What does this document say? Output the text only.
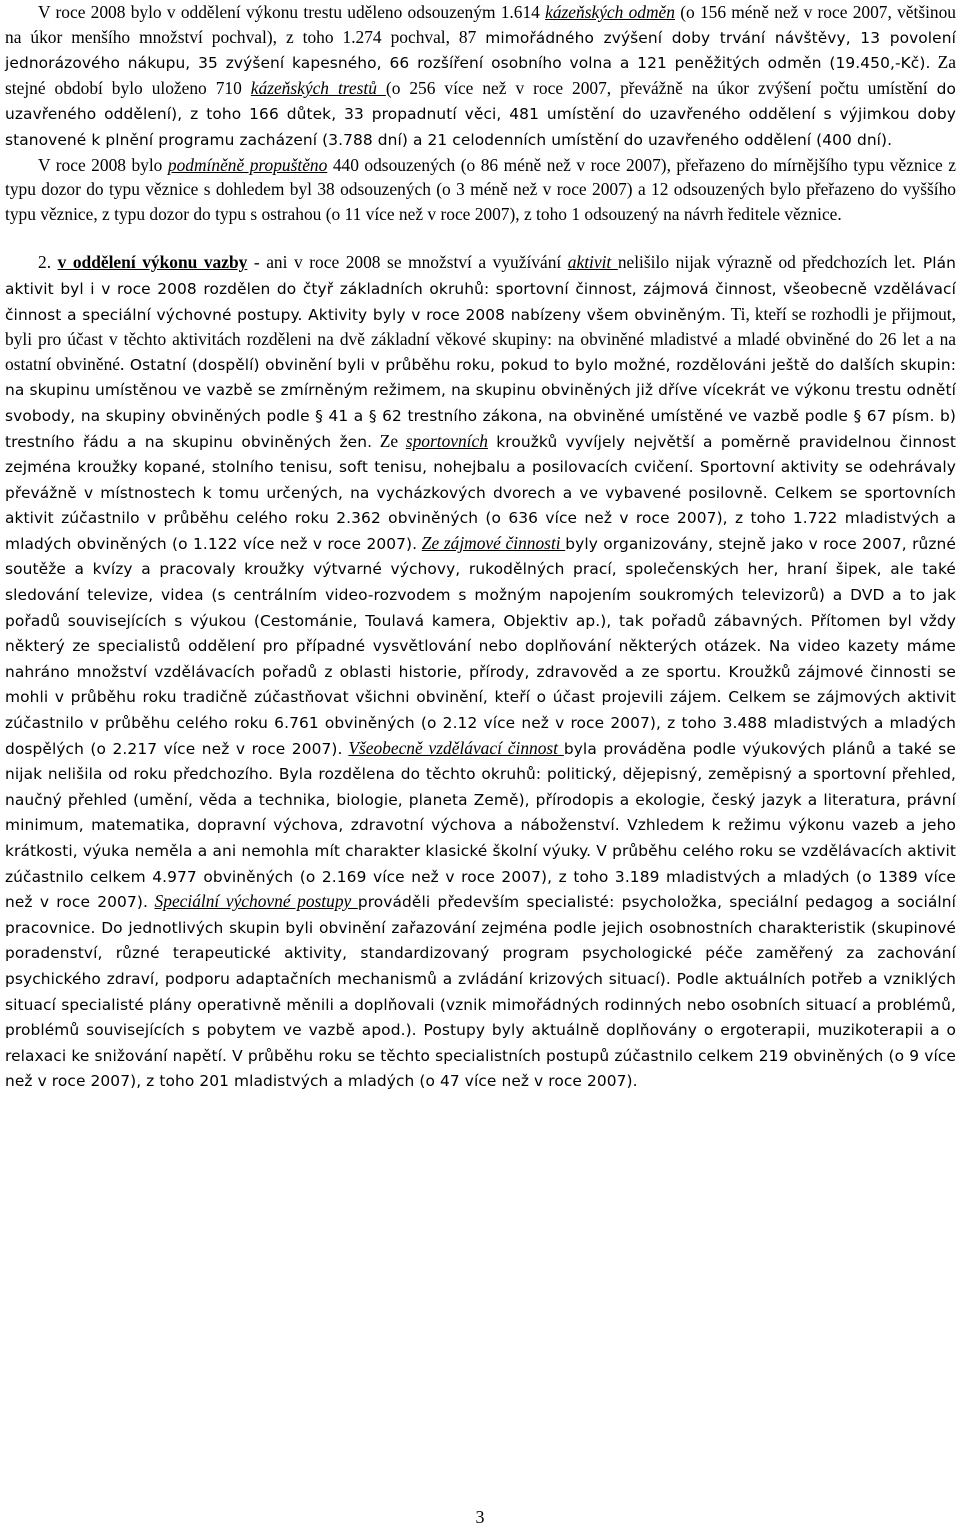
V roce 2008 bylo v oddělení výkonu trestu uděleno odsouzeným 1.614 kázeňských odměn (o 156 méně než v roce 2007, většinou na úkor menšího množství pochval), z toho 1.274 pochval, 87 mimořádného zvýšení doby trvání návštěvy, 13 povolení jednorázového nákupu, 35 zvýšení kapesného, 66 rozšíření osobního volna a 121 peněžitých odměn (19.450,-Kč). Za stejné období bylo uloženo 710 kázeňských trestů (o 256 více než v roce 2007, převážně na úkor zvýšení počtu umístění do uzavřeného oddělení), z toho 166 důtek, 33 propadnutí věci, 481 umístění do uzavřeného oddělení s výjimkou doby stanovené k plnění programu zacházení (3.788 dní) a 21 celodenních umístění do uzavřeného oddělení (400 dní).

V roce 2008 bylo podmíněně propuštěno 440 odsouzených (o 86 méně než v roce 2007), přeřazeno do mírnějšího typu věznice z typu dozor do typu věznice s dohledem byl 38 odsouzených (o 3 méně než v roce 2007) a 12 odsouzených bylo přeřazeno do vyššího typu věznice, z typu dozor do typu s ostrahou (o 11 více než v roce 2007), z toho 1 odsouzený na návrh ředitele věznice.

2. v oddělení výkonu vazby - ani v roce 2008 se množství a využívání aktivit nelišilo nijak výrazně od předchozích let. Plán aktivit byl i v roce 2008 rozdělen do čtyř základních okruhů: sportovní činnost, zájmová činnost, všeobecně vzdělávací činnost a speciální výchovné postupy. Aktivity byly v roce 2008 nabízeny všem obviněným. Ti, kteří se rozhodli je přijmout, byli pro účast v těchto aktivitách rozděleni na dvě základní věkové skupiny: na obviněné mladistvé a mladé obviněné do 26 let a na ostatní obviněné. Ostatní (dospělí) obvinění byli v průběhu roku, pokud to bylo možné, rozdělováni ještě do dalších skupin: na skupinu umístěnou ve vazbě se zmírněným režimem, na skupinu obviněných již dříve vícekrát ve výkonu trestu odnětí svobody, na skupiny obviněných podle § 41 a § 62 trestního zákona, na obviněné umístěné ve vazbě podle § 67 písm. b) trestního řádu a na skupinu obviněných žen. Ze sportovních kroužků vyvíjely největší a poměrně pravidelnou činnost zejména kroužky kopané, stolního tenisu, soft tenisu, nohejbalu a posilovacích cvičení. Sportovní aktivity se odehrávaly převážně v místnostech k tomu určených, na vycházkových dvorech a ve vybavené posilovně. Celkem se sportovních aktivit zúčastnilo v průběhu celého roku 2.362 obviněných (o 636 více než v roce 2007), z toho 1.722 mladistvých a mladých obviněných (o 1.122 více než v roce 2007). Ze zájmové činnosti byly organizovány, stejně jako v roce 2007, různé soutěže a kvízy a pracovaly kroužky výtvarné výchovy, rukodělných prací, společenských her, hraní šipek, ale také sledování televize, videa (s centrálním video-rozvodem s možným napojením soukromých televizorů) a DVD a to jak pořadů souvisejících s výukou (Cestománie, Toulavá kamera, Objektiv ap.), tak pořadů zábavných. Přítomen byl vždy některý ze specialistů oddělení pro případné vysvětlování nebo doplňování některých otázek. Na video kazety máme nahráno množství vzdělávacích pořadů z oblasti historie, přírody, zdravověd a ze sportu. Kroužků zájmové činnosti se mohli v průběhu roku tradičně zúčastňovat všichni obvinění, kteří o účast projevili zájem. Celkem se zájmových aktivit zúčastnilo v průběhu celého roku 6.761 obviněných (o 2.12 více než v roce 2007), z toho 3.488 mladistvých a mladých dospělých (o 2.217 více než v roce 2007). Všeobecně vzdělávací činnost byla prováděna podle výukových plánů a také se nijak nelišila od roku předchozího. Byla rozdělena do těchto okruhů: politický, dějepisný, zeměpisný a sportovní přehled, naučný přehled (umění, věda a technika, biologie, planeta Země), přírodopis a ekologie, český jazyk a literatura, právní minimum, matematika, dopravní výchova, zdravotní výchova a náboženství. Vzhledem k režimu výkonu vazeb a jeho krátkosti, výuka neměla a ani nemohla mít charakter klasické školní výuky. V průběhu celého roku se vzdělávacích aktivit zúčastnilo celkem 4.977 obviněných (o 2.169 více než v roce 2007), z toho 3.189 mladistvých a mladých (o 1389 více než v roce 2007). Speciální výchovné postupy prováděli především specialisté: psycholožka, speciální pedagog a sociální pracovnice. Do jednotlivých skupin byli obvinění zařazování zejména podle jejich osobnostních charakteristik (skupinové poradenství, různé terapeutické aktivity, standardizovaný program psychologické péče zaměřený za zachování psychického zdraví, podporu adaptačních mechanismů a zvládání krizových situací). Podle aktuálních potřeb a vzniklých situací specialisté plány operativně měnili a doplňovali (vznik mimořádných rodinných nebo osobních situací a problémů, problémů souvisejících s pobytem ve vazbě apod.). Postupy byly aktuálně doplňovány o ergoterapii, muzikoterapii a o relaxaci ke snižování napětí. V průběhu roku se těchto specialistních postupů zúčastnilo celkem 219 obviněných (o 9 více než v roce 2007), z toho 201 mladistvých a mladých (o 47 více než v roce 2007).

3
